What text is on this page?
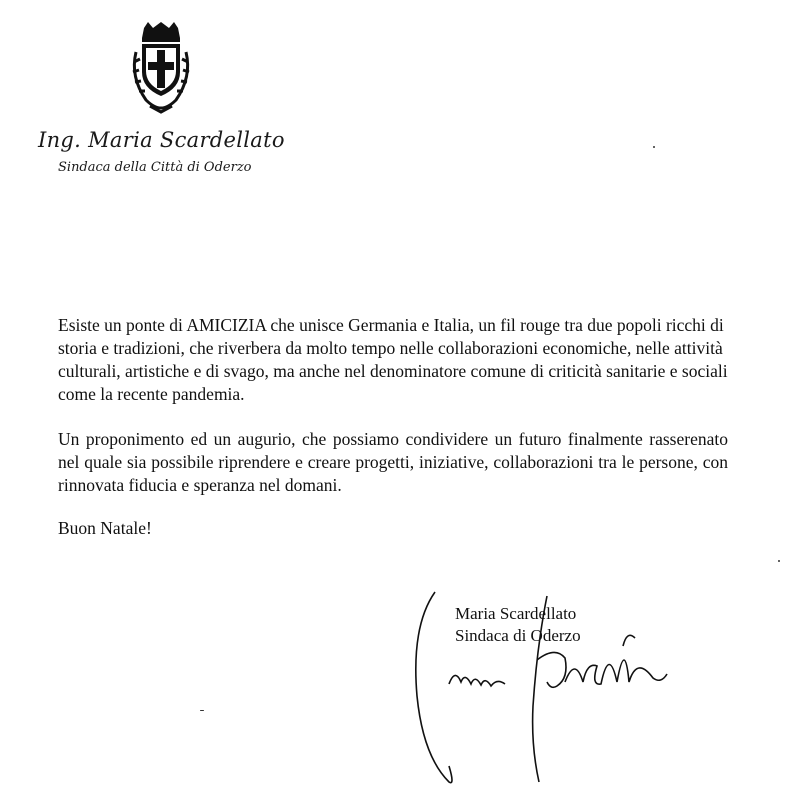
Ing. Maria Scardellato
Sindaca della Città di Oderzo

Esiste un ponte di AMICIZIA che unisce Germania e Italia, un fil rouge tra due popoli ricchi di storia e tradizioni, che riverbera da molto tempo nelle collaborazioni economiche, nelle attività culturali, artistiche e di svago, ma anche nel denominatore comune di criticità sanitarie e sociali come la recente pandemia.

Un proponimento ed un augurio, che possiamo condividere un futuro finalmente rasserenato nel quale sia possibile riprendere e creare progetti, iniziative, collaborazioni tra le persone, con rinnovata fiducia e speranza nel domani.

Buon Natale!
Maria Scardellato
Sindaca di Oderzo
